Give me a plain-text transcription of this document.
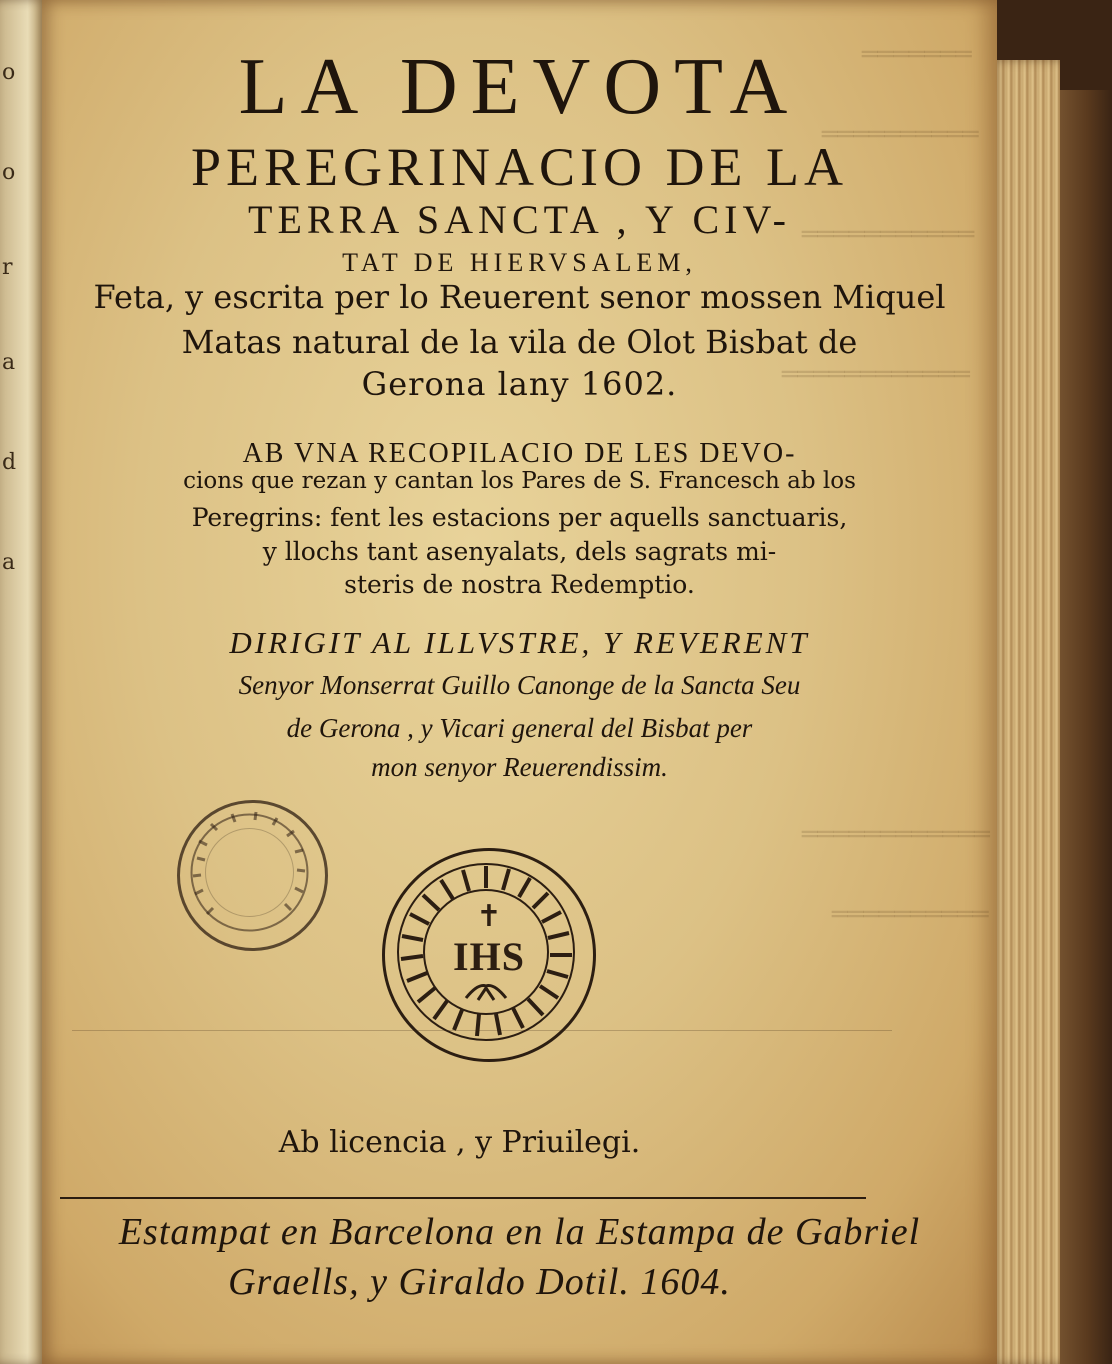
o
o
r
a
d
a
═══════
══════════
═══════════
════════════
════════════
══════════
LA DEVOTA
PEREGRINACIO DE LA
TERRA SANCTA , Y CIV-
TAT DE HIERVSALEM,
Feta, y escrita per lo Reuerent senor mossen Miquel
Matas natural de la vila de Olot Bisbat de
Gerona lany 1602.
AB VNA RECOPILACIO DE LES DEVO-
cions que rezan y cantan los Pares de S. Francesch ab los
Peregrins: fent les estacions per aquells sanctuaris,
y llochs tant asenyalats, dels sagrats mi-
steris de nostra Redemptio.
DIRIGIT AL ILLVSTRE, Y REVERENT
Senyor Monserrat Guillo Canonge de la Sancta Seu
de Gerona , y Vicari general del Bisbat per
mon senyor Reuerendissim.
✝
IHS
Ab licencia , y Priuilegi.
Estampat en Barcelona en la Estampa de Gabriel
Graells, y Giraldo Dotil. 1604.
